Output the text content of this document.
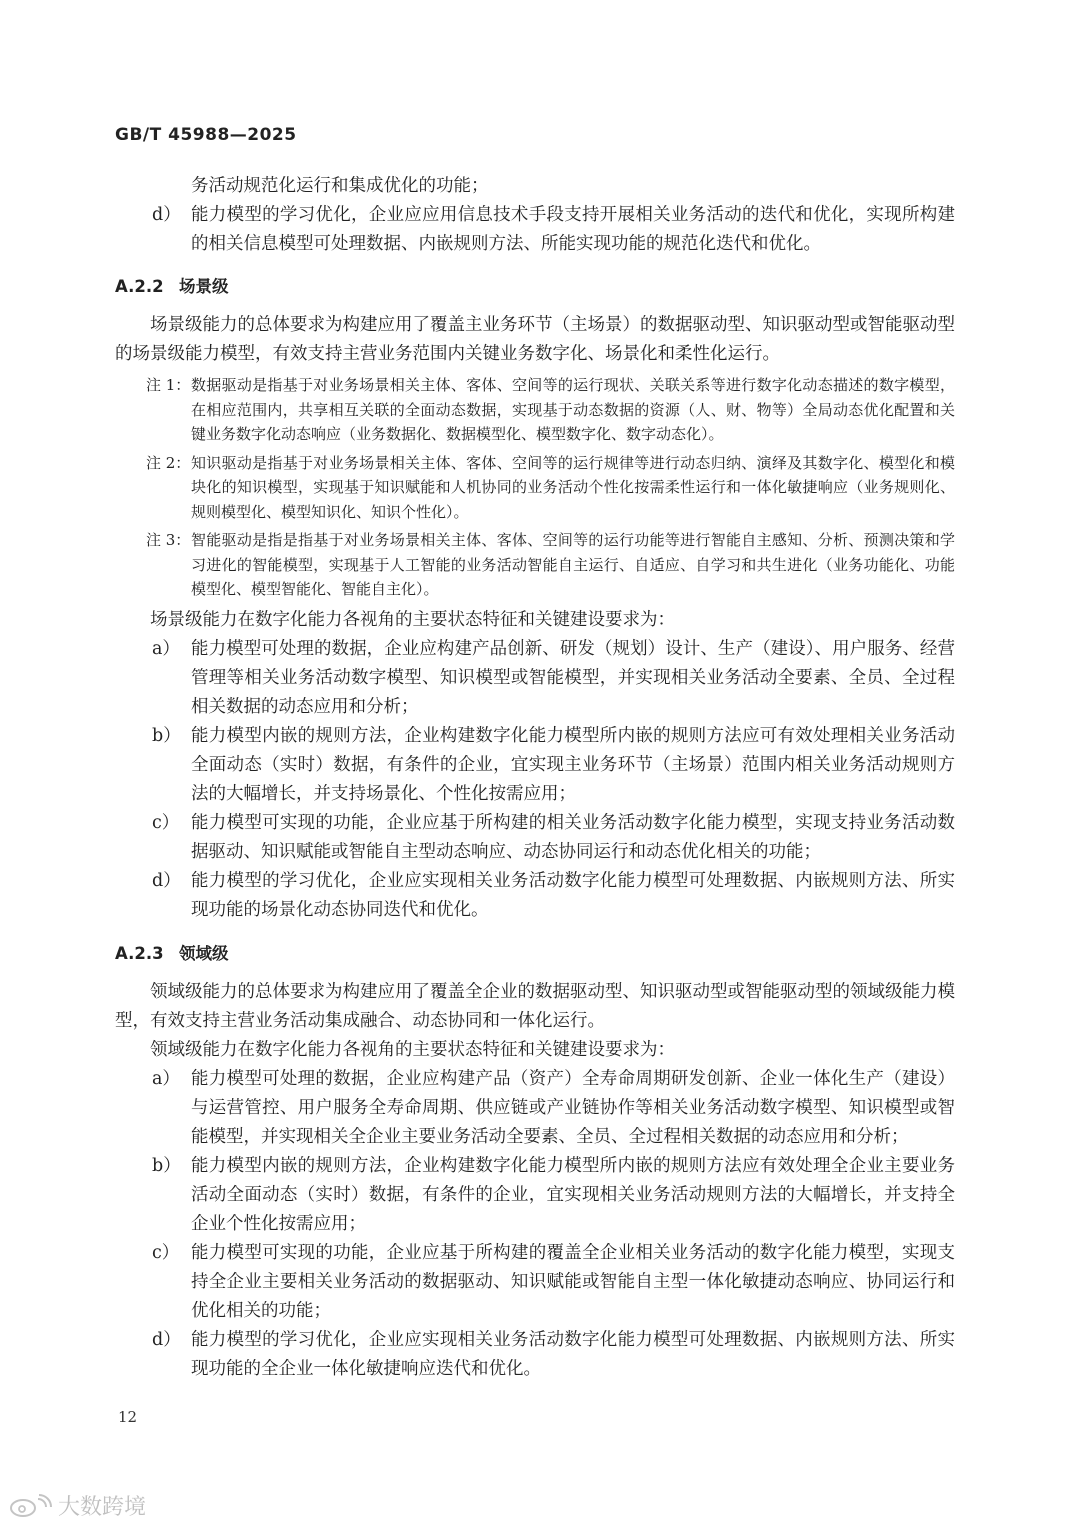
GB/T 45988—2025

务活动规范化运行和集成优化的功能；

d） 能力模型的学习优化，企业应应用信息技术手段支持开展相关业务活动的迭代和优化，实现所构建的相关信息模型可处理数据、内嵌规则方法、所能实现功能的规范化迭代和优化。
A.2.2 场景级

场景级能力的总体要求为构建应用了覆盖主业务环节（主场景）的数据驱动型、知识驱动型或智能驱动型的场景级能力模型，有效支持主营业务范围内关键业务数字化、场景化和柔性化运行。

注 1： 数据驱动是指基于对业务场景相关主体、客体、空间等的运行现状、关联关系等进行数字化动态描述的数字模型，在相应范围内，共享相互关联的全面动态数据，实现基于动态数据的资源（人、财、物等）全局动态优化配置和关键业务数字化动态响应（业务数据化、数据模型化、模型数字化、数字动态化）。
注 2： 知识驱动是指基于对业务场景相关主体、客体、空间等的运行规律等进行动态归纳、演绎及其数字化、模型化和模块化的知识模型，实现基于知识赋能和人机协同的业务活动个性化按需柔性运行和一体化敏捷响应（业务规则化、规则模型化、模型知识化、知识个性化）。
注 3： 智能驱动是指是指基于对业务场景相关主体、客体、空间等的运行功能等进行智能自主感知、分析、预测决策和学习进化的智能模型，实现基于人工智能的业务活动智能自主运行、自适应、自学习和共生进化（业务功能化、功能模型化、模型智能化、智能自主化）。

场景级能力在数字化能力各视角的主要状态特征和关键建设要求为：

a） 能力模型可处理的数据，企业应构建产品创新、研发（规划）设计、生产（建设）、用户服务、经营管理等相关业务活动数字模型、知识模型或智能模型，并实现相关业务活动全要素、全员、全过程相关数据的动态应用和分析；
b） 能力模型内嵌的规则方法，企业构建数字化能力模型所内嵌的规则方法应可有效处理相关业务活动全面动态（实时）数据，有条件的企业，宜实现主业务环节（主场景）范围内相关业务活动规则方法的大幅增长，并支持场景化、个性化按需应用；
c） 能力模型可实现的功能，企业应基于所构建的相关业务活动数字化能力模型，实现支持业务活动数据驱动、知识赋能或智能自主型动态响应、动态协同运行和动态优化相关的功能；
d） 能力模型的学习优化，企业应实现相关业务活动数字化能力模型可处理数据、内嵌规则方法、所实现功能的场景化动态协同迭代和优化。
A.2.3 领域级

领域级能力的总体要求为构建应用了覆盖全企业的数据驱动型、知识驱动型或智能驱动型的领域级能力模型，有效支持主营业务活动集成融合、动态协同和一体化运行。

领域级能力在数字化能力各视角的主要状态特征和关键建设要求为：

a） 能力模型可处理的数据，企业应构建产品（资产）全寿命周期研发创新、企业一体化生产（建设）与运营管控、用户服务全寿命周期、供应链或产业链协作等相关业务活动数字模型、知识模型或智能模型，并实现相关全企业主要业务活动全要素、全员、全过程相关数据的动态应用和分析；
b） 能力模型内嵌的规则方法，企业构建数字化能力模型所内嵌的规则方法应有效处理全企业主要业务活动全面动态（实时）数据，有条件的企业，宜实现相关业务活动规则方法的大幅增长，并支持全企业个性化按需应用；
c） 能力模型可实现的功能，企业应基于所构建的覆盖全企业相关业务活动的数字化能力模型，实现支持全企业主要相关业务活动的数据驱动、知识赋能或智能自主型一体化敏捷动态响应、协同运行和优化相关的功能；
d） 能力模型的学习优化，企业应实现相关业务活动数字化能力模型可处理数据、内嵌规则方法、所实现功能的全企业一体化敏捷响应迭代和优化。
12
大数跨境
